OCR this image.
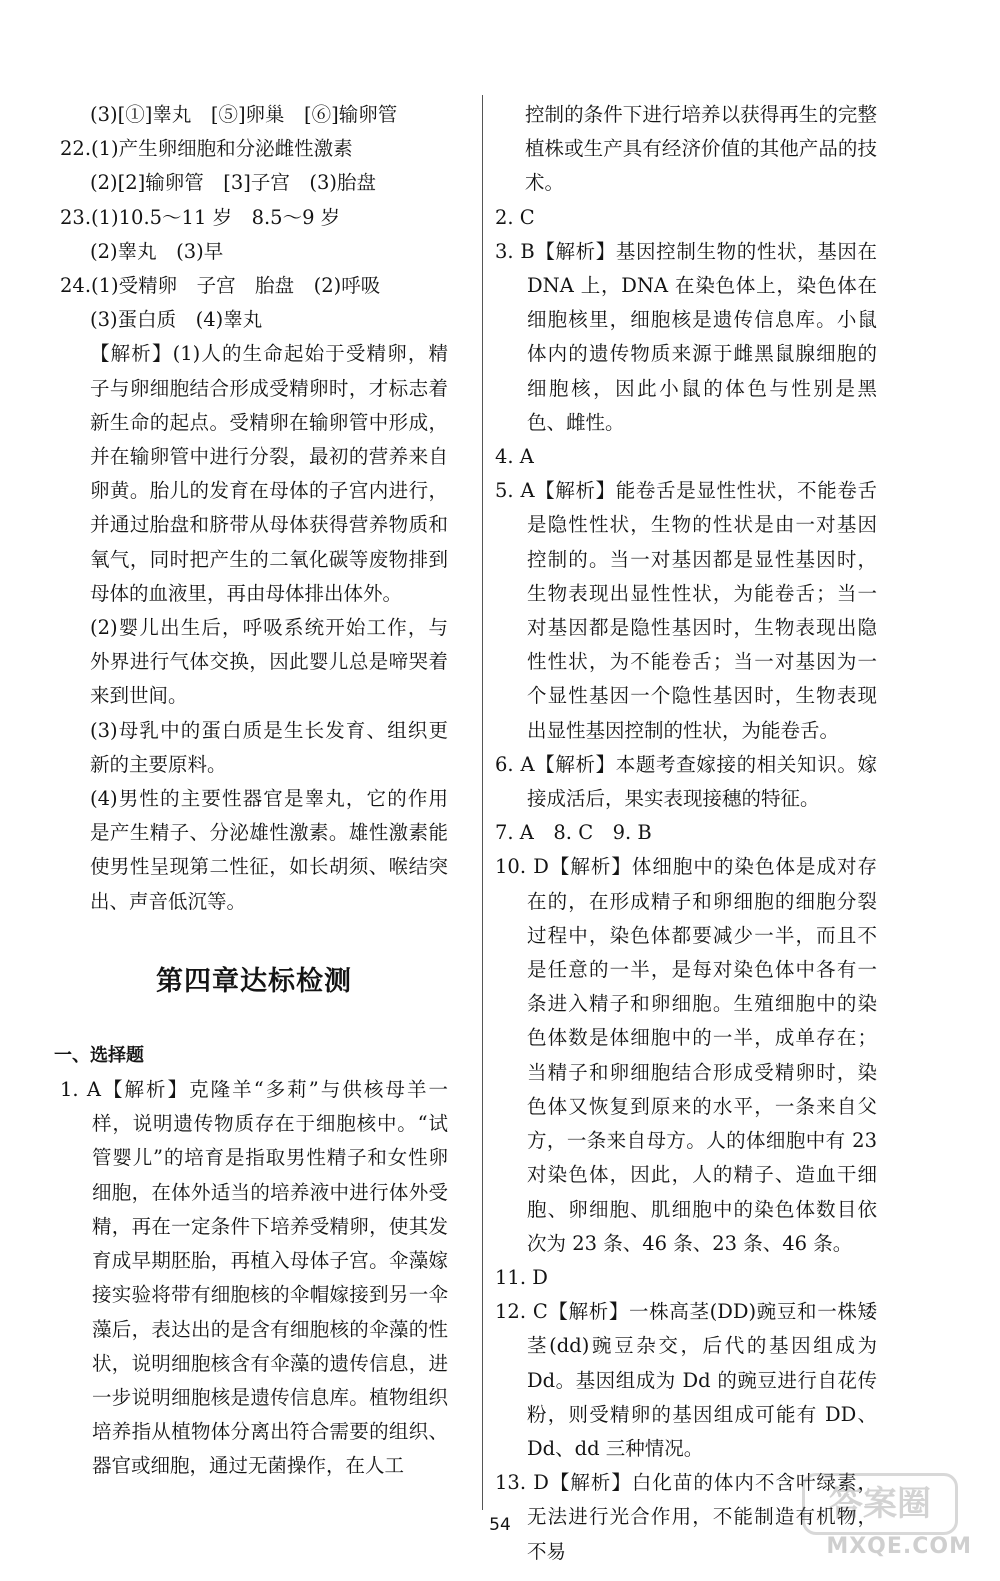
(3)[①]睾丸　[⑤]卵巢　[⑥]输卵管

22.(1)产生卵细胞和分泌雌性激素

(2)[2]输卵管　[3]子宫　(3)胎盘

23.(1)10.5～11 岁　8.5～9 岁

(2)睾丸　(3)早

24.(1)受精卵　子宫　胎盘　(2)呼吸

(3)蛋白质　(4)睾丸

【解析】(1)人的生命起始于受精卵，精子与卵细胞结合形成受精卵时，才标志着新生命的起点。受精卵在输卵管中形成，并在输卵管中进行分裂，最初的营养来自卵黄。胎儿的发育在母体的子宫内进行，并通过胎盘和脐带从母体获得营养物质和氧气，同时把产生的二氧化碳等废物排到母体的血液里，再由母体排出体外。

(2)婴儿出生后，呼吸系统开始工作，与外界进行气体交换，因此婴儿总是啼哭着来到世间。

(3)母乳中的蛋白质是生长发育、组织更新的主要原料。

(4)男性的主要性器官是睾丸，它的作用是产生精子、分泌雄性激素。雄性激素能使男性呈现第二性征，如长胡须、喉结突出、声音低沉等。

第四章达标检测
一、选择题

1. A【解析】克隆羊“多莉”与供核母羊一样，说明遗传物质存在于细胞核中。“试管婴儿”的培育是指取男性精子和女性卵细胞，在体外适当的培养液中进行体外受精，再在一定条件下培养受精卵，使其发育成早期胚胎，再植入母体子宫。伞藻嫁接实验将带有细胞核的伞帽嫁接到另一伞藻后，表达出的是含有细胞核的伞藻的性状，说明细胞核含有伞藻的遗传信息，进一步说明细胞核是遗传信息库。植物组织培养指从植物体分离出符合需要的组织、器官或细胞，通过无菌操作，在人工

控制的条件下进行培养以获得再生的完整植株或生产具有经济价值的其他产品的技术。

2. C

3. B【解析】基因控制生物的性状，基因在 DNA 上，DNA 在染色体上，染色体在细胞核里，细胞核是遗传信息库。小鼠体内的遗传物质来源于雌黑鼠腺细胞的细胞核，因此小鼠的体色与性别是黑色、雌性。

4. A

5. A【解析】能卷舌是显性性状，不能卷舌是隐性性状，生物的性状是由一对基因控制的。当一对基因都是显性基因时，生物表现出显性性状，为能卷舌；当一对基因都是隐性基因时，生物表现出隐性性状，为不能卷舌；当一对基因为一个显性基因一个隐性基因时，生物表现出显性基因控制的性状，为能卷舌。

6. A【解析】本题考查嫁接的相关知识。嫁接成活后，果实表现接穗的特征。

7. A　8. C　9. B

10. D【解析】体细胞中的染色体是成对存在的，在形成精子和卵细胞的细胞分裂过程中，染色体都要减少一半，而且不是任意的一半，是每对染色体中各有一条进入精子和卵细胞。生殖细胞中的染色体数是体细胞中的一半，成单存在；当精子和卵细胞结合形成受精卵时，染色体又恢复到原来的水平，一条来自父方，一条来自母方。人的体细胞中有 23 对染色体，因此，人的精子、造血干细胞、卵细胞、肌细胞中的染色体数目依次为 23 条、46 条、23 条、46 条。

11. D

12. C【解析】一株高茎(DD)豌豆和一株矮茎(dd)豌豆杂交，后代的基因组成为 Dd。基因组成为 Dd 的豌豆进行自花传粉，则受精卵的基因组成可能有 DD、Dd、dd 三种情况。

13. D【解析】白化苗的体内不含叶绿素，无法进行光合作用，不能制造有机物，不易

54
答案圈
MXQE.COM
